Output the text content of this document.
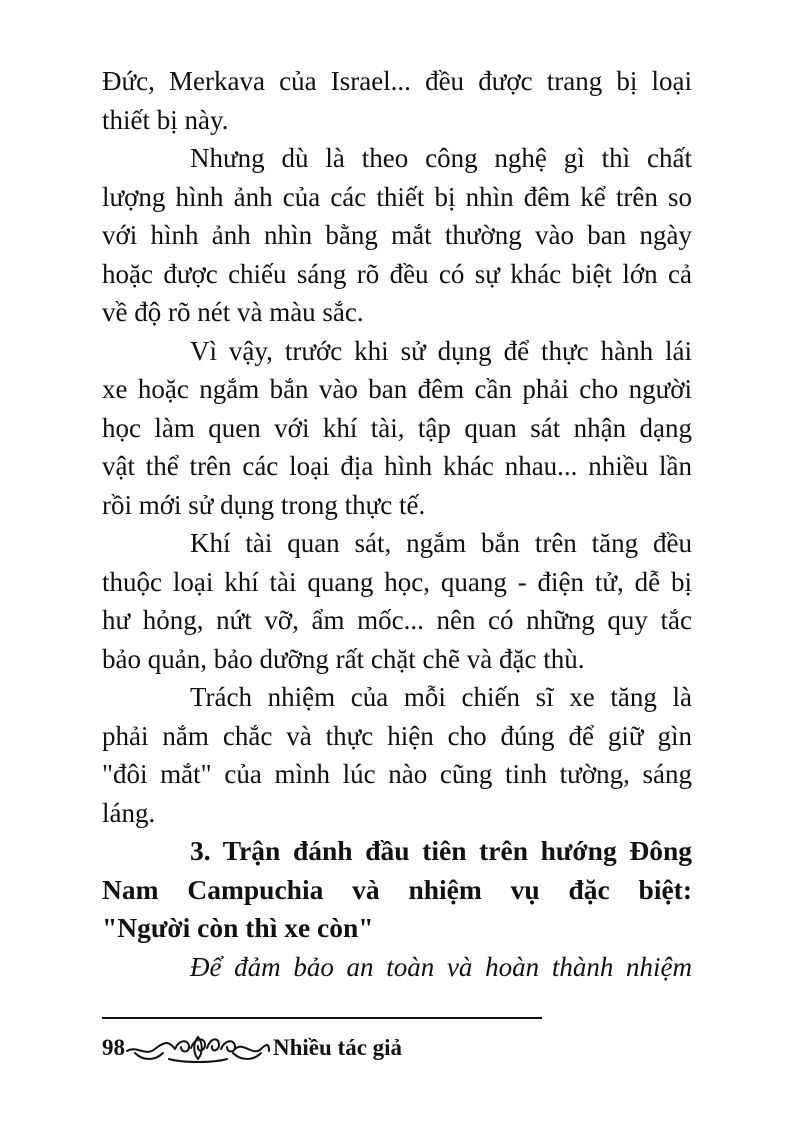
Đức, Merkava của Israel... đều được trang bị loại
thiết bị này.
Nhưng dù là theo công nghệ gì thì chất
lượng hình ảnh của các thiết bị nhìn đêm kể trên so
với hình ảnh nhìn bằng mắt thường vào ban ngày
hoặc được chiếu sáng rõ đều có sự khác biệt lớn cả
về độ rõ nét và màu sắc.
Vì vậy, trước khi sử dụng để thực hành lái
xe hoặc ngắm bắn vào ban đêm cần phải cho người
học làm quen với khí tài, tập quan sát nhận dạng
vật thể trên các loại địa hình khác nhau... nhiều lần
rồi mới sử dụng trong thực tế.
Khí tài quan sát, ngắm bắn trên tăng đều
thuộc loại khí tài quang học, quang - điện tử, dễ bị
hư hỏng, nứt vỡ, ẩm mốc... nên có những quy tắc
bảo quản, bảo dưỡng rất chặt chẽ và đặc thù.
Trách nhiệm của mỗi chiến sĩ xe tăng là
phải nắm chắc và thực hiện cho đúng để giữ gìn
"đôi mắt" của mình lúc nào cũng tinh tường, sáng
láng.
3. Trận đánh đầu tiên trên hướng Đông
Nam Campuchia và nhiệm vụ đặc biệt:
"Người còn thì xe còn"
Để đảm bảo an toàn và hoàn thành nhiệm
98	Nhiều tác giả
